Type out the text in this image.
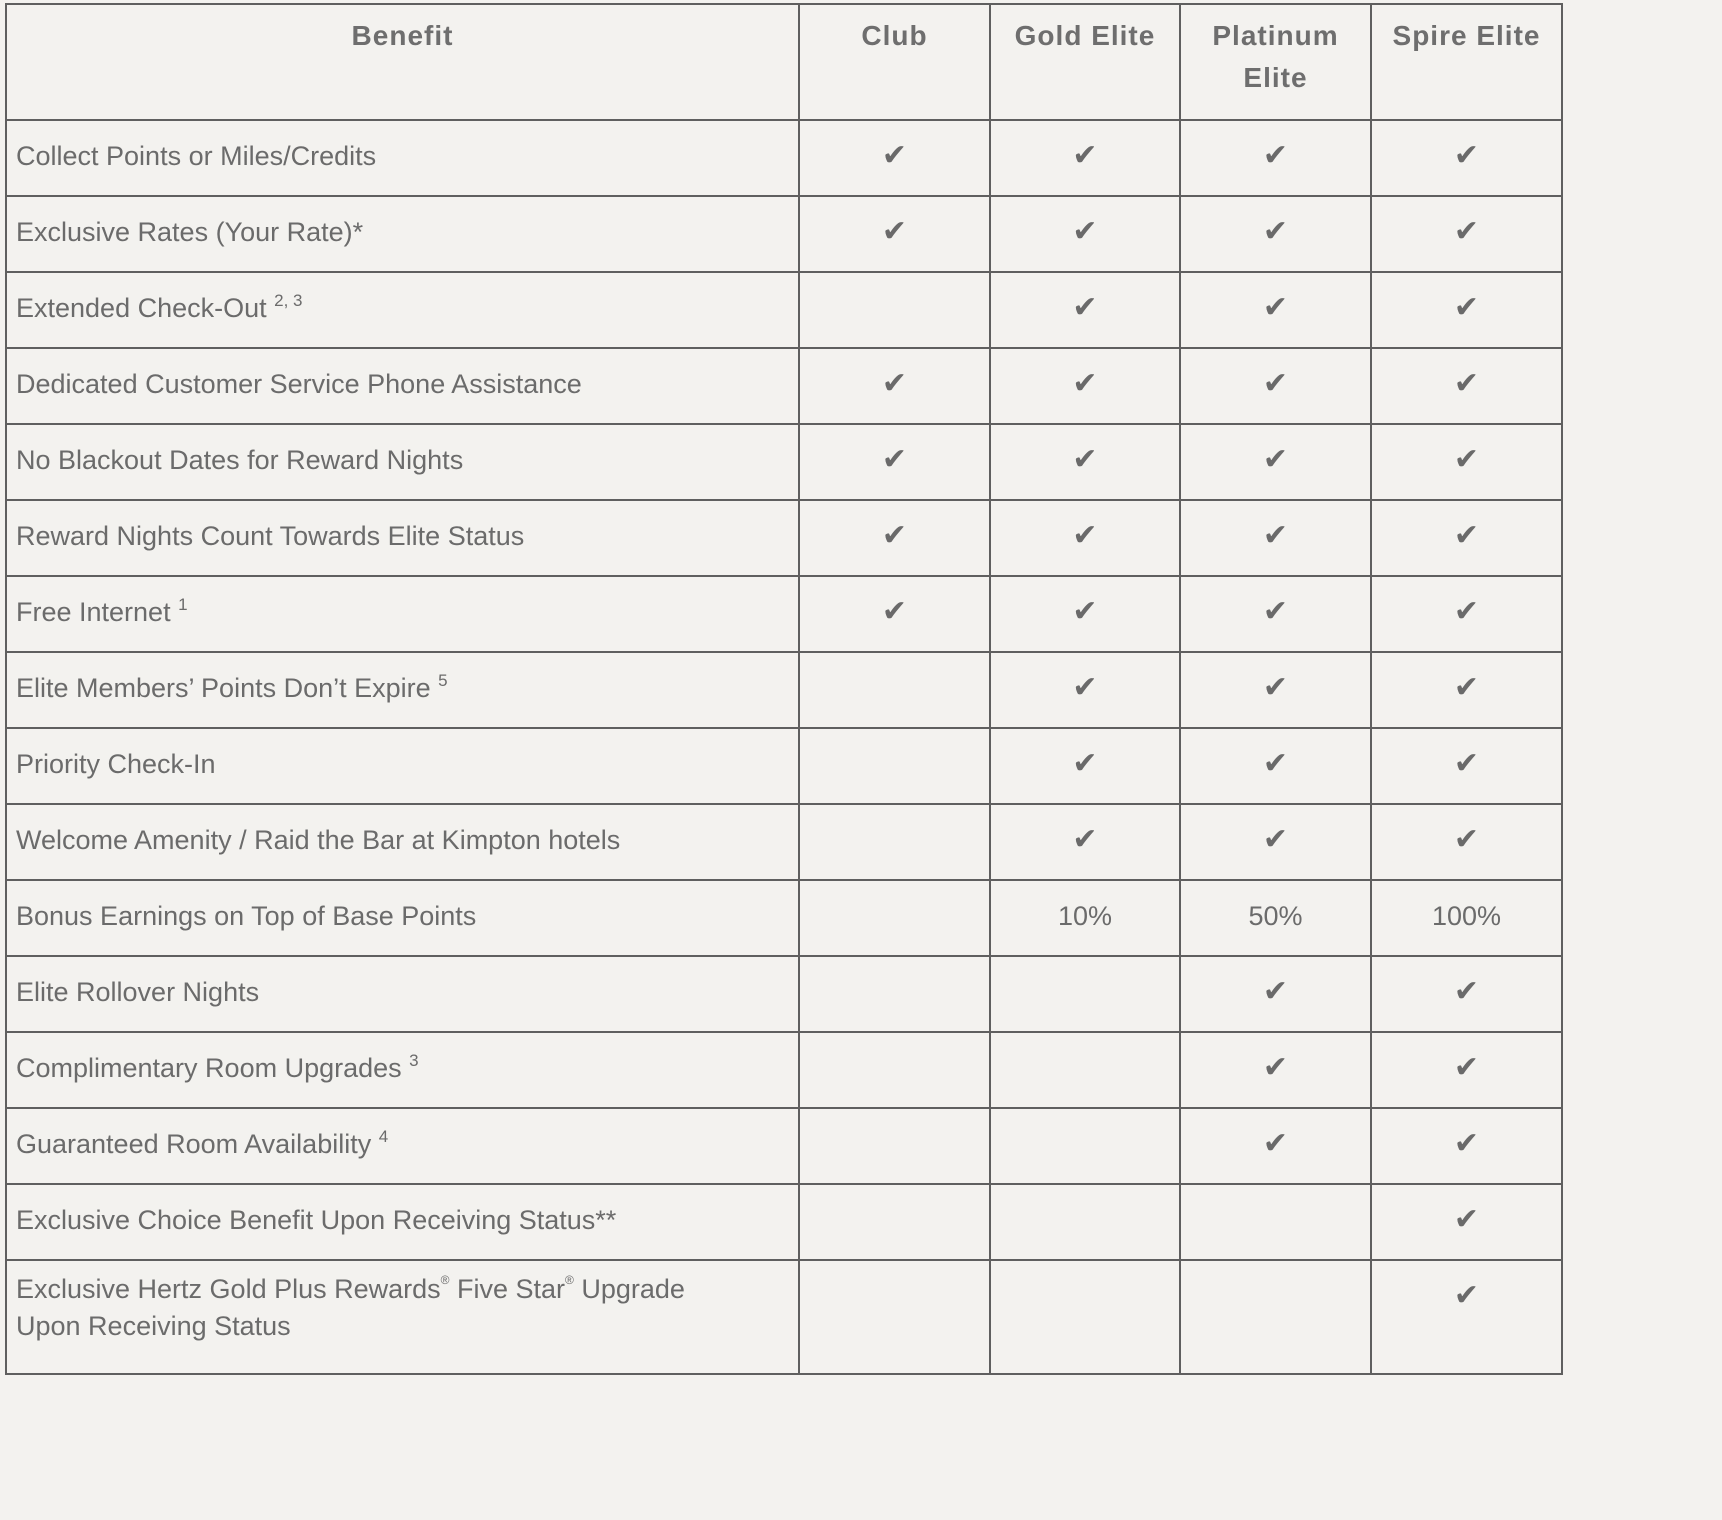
Benefit	Club	Gold Elite	Platinum Elite	Spire Elite
Collect Points or Miles/Credits	✔	✔	✔	✔
Exclusive Rates (Your Rate)*	✔	✔	✔	✔
Extended Check-Out $^{2, 3}$		✔	✔	✔
Dedicated Customer Service Phone Assistance	✔	✔	✔	✔
No Blackout Dates for Reward Nights	✔	✔	✔	✔
Reward Nights Count Towards Elite Status	✔	✔	✔	✔
Free Internet $^1$	✔	✔	✔	✔
Elite Members’ Points Don’t Expire $^5$		✔	✔	✔
Priority Check-In		✔	✔	✔
Welcome Amenity / Raid the Bar at Kimpton hotels		✔	✔	✔
Bonus Earnings on Top of Base Points		10%	50%	100%
Elite Rollover Nights			✔	✔
Complimentary Room Upgrades $^3$			✔	✔
Guaranteed Room Availability $^4$			✔	✔
Exclusive Choice Benefit Upon Receiving Status**				✔
Exclusive Hertz Gold Plus Rewards® Five Star® Upgrade Upon Receiving Status				✔
